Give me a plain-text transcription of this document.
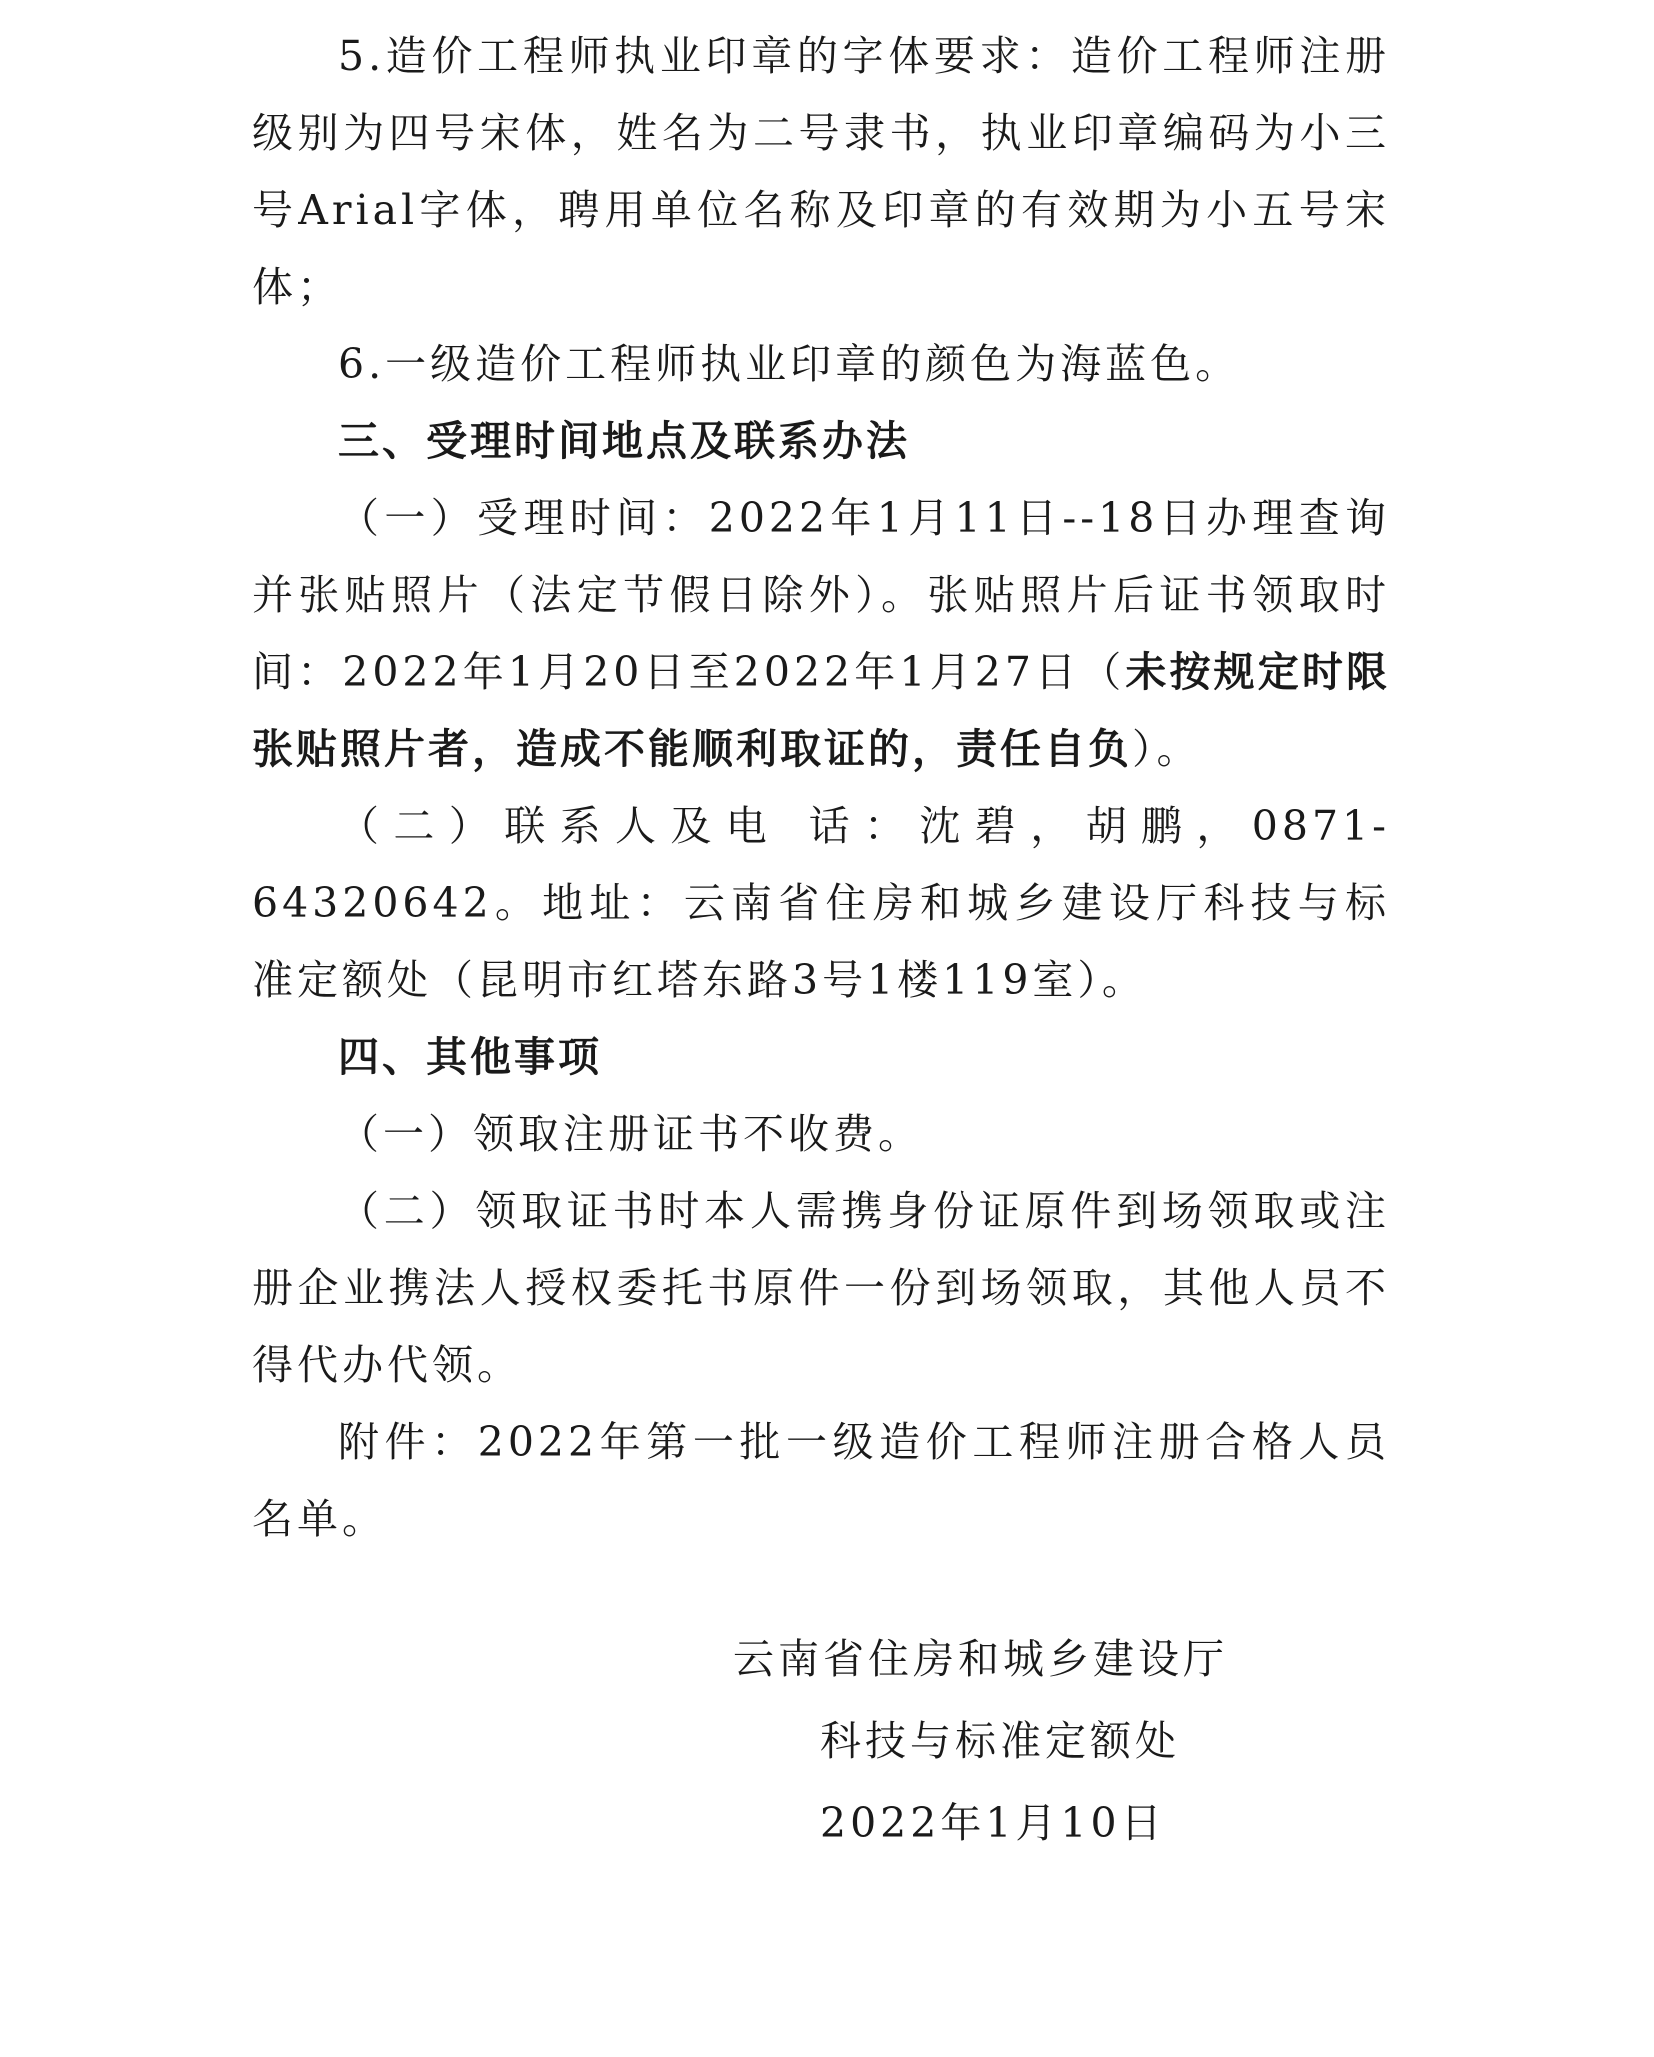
5.造价工程师执业印章的字体要求：造价工程师注册级别为四号宋体，姓名为二号隶书，执业印章编码为小三号Arial字体，聘用单位名称及印章的有效期为小五号宋体；

6.一级造价工程师执业印章的颜色为海蓝色。

三、受理时间地点及联系办法

（一）受理时间：2022年1月11日--18日办理查询并张贴照片（法定节假日除外）。张贴照片后证书领取时间：2022年1月20日至2022年1月27日（未按规定时限张贴照片者，造成不能顺利取证的，责任自负）。

（二）联系人及电 话：沈碧，胡鹏，0871-64320642。地址：云南省住房和城乡建设厅科技与标准定额处（昆明市红塔东路3号1楼119室）。

四、其他事项

（一）领取注册证书不收费。

（二）领取证书时本人需携身份证原件到场领取或注册企业携法人授权委托书原件一份到场领取，其他人员不得代办代领。

附件：2022年第一批一级造价工程师注册合格人员名单。

云南省住房和城乡建设厅
科技与标准定额处
2022年1月10日
